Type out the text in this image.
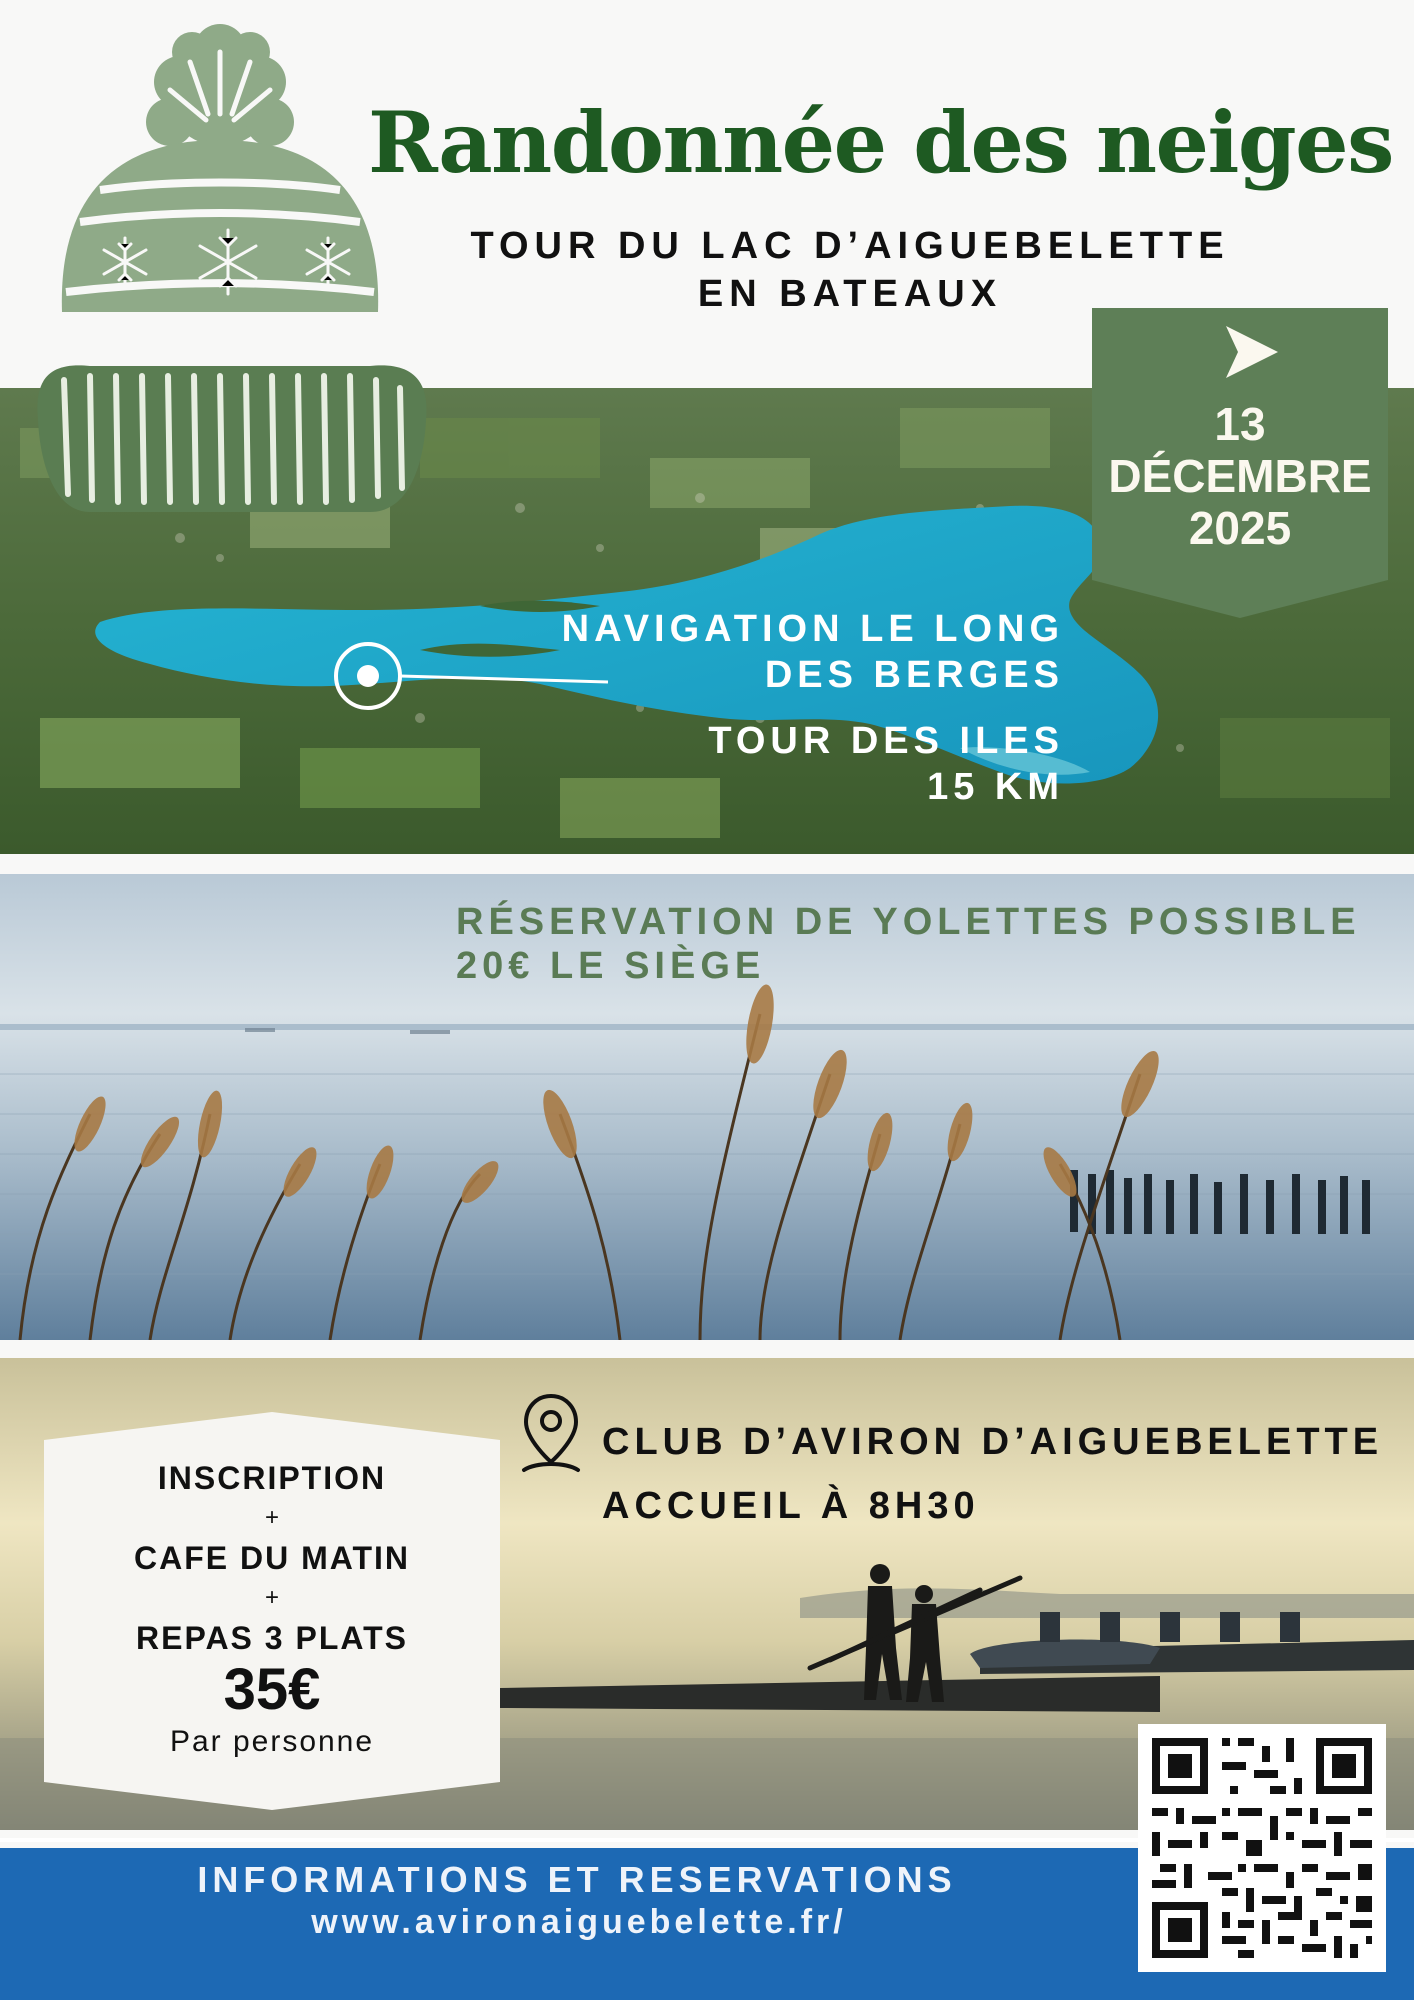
Randonnée des neiges
TOUR DU LAC D’AIGUEBELETTE
EN BATEAUX
13
DÉCEMBRE
2025
NAVIGATION LE LONG
DES BERGES
TOUR DES ILES
15 KM
RÉSERVATION DE YOLETTES POSSIBLE
20€ LE SIÈGE
CLUB D’AVIRON D’AIGUEBELETTE
ACCUEIL À 8H30
INSCRIPTION
+
CAFE DU MATIN
+
REPAS 3 PLATS
35€
Par personne
INFORMATIONS ET RESERVATIONS
www.avironaiguebelette.fr/
